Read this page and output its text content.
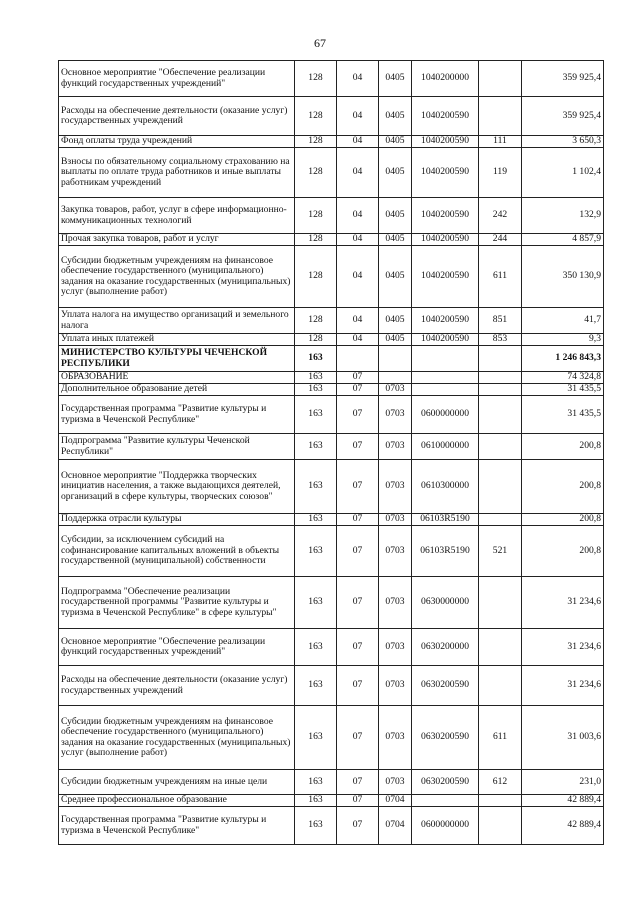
67
Основное мероприятие "Обеспечение реализации функций государственных учреждений"	128	04	0405	1040200000		359 925,4
Расходы на обеспечение деятельности (оказание услуг) государственных учреждений	128	04	0405	1040200590		359 925,4
Фонд оплаты труда учреждений	128	04	0405	1040200590	111	3 650,3
Взносы по обязательному социальному страхованию на выплаты по оплате труда работников и иные выплаты работникам учреждений	128	04	0405	1040200590	119	1 102,4
Закупка товаров, работ, услуг в сфере информационно-коммуникационных технологий	128	04	0405	1040200590	242	132,9
Прочая закупка товаров, работ и услуг	128	04	0405	1040200590	244	4 857,9
Субсидии бюджетным учреждениям на финансовое обеспечение государственного (муниципального) задания на оказание государственных (муниципальных) услуг (выполнение работ)	128	04	0405	1040200590	611	350 130,9
Уплата налога на имущество организаций и земельного налога	128	04	0405	1040200590	851	41,7
Уплата иных платежей	128	04	0405	1040200590	853	9,3
МИНИСТЕРСТВО КУЛЬТУРЫ ЧЕЧЕНСКОЙ РЕСПУБЛИКИ	163					1 246 843,3
ОБРАЗОВАНИЕ	163	07				74 324,8
Дополнительное образование детей	163	07	0703			31 435,5
Государственная программа "Развитие культуры и туризма в Чеченской Республике"	163	07	0703	0600000000		31 435,5
Подпрограмма "Развитие культуры Чеченской Республики"	163	07	0703	0610000000		200,8
Основное мероприятие "Поддержка творческих инициатив населения, а также выдающихся деятелей, организаций в сфере культуры, творческих союзов"	163	07	0703	0610300000		200,8
Поддержка отрасли культуры	163	07	0703	06103R5190		200,8
Субсидии, за исключением субсидий на софинансирование капитальных вложений в объекты государственной (муниципальной) собственности	163	07	0703	06103R5190	521	200,8
Подпрограмма "Обеспечение реализации государственной программы "Развитие культуры и туризма в Чеченской Республике" в сфере культуры"	163	07	0703	0630000000		31 234,6
Основное мероприятие "Обеспечение реализации функций государственных учреждений"	163	07	0703	0630200000		31 234,6
Расходы на обеспечение деятельности (оказание услуг) государственных учреждений	163	07	0703	0630200590		31 234,6
Субсидии бюджетным учреждениям на финансовое обеспечение государственного (муниципального) задания на оказание государственных (муниципальных) услуг (выполнение работ)	163	07	0703	0630200590	611	31 003,6
Субсидии бюджетным учреждениям на иные цели	163	07	0703	0630200590	612	231,0
Среднее профессиональное образование	163	07	0704			42 889,4
Государственная программа "Развитие культуры и туризма в Чеченской Республике"	163	07	0704	0600000000		42 889,4
